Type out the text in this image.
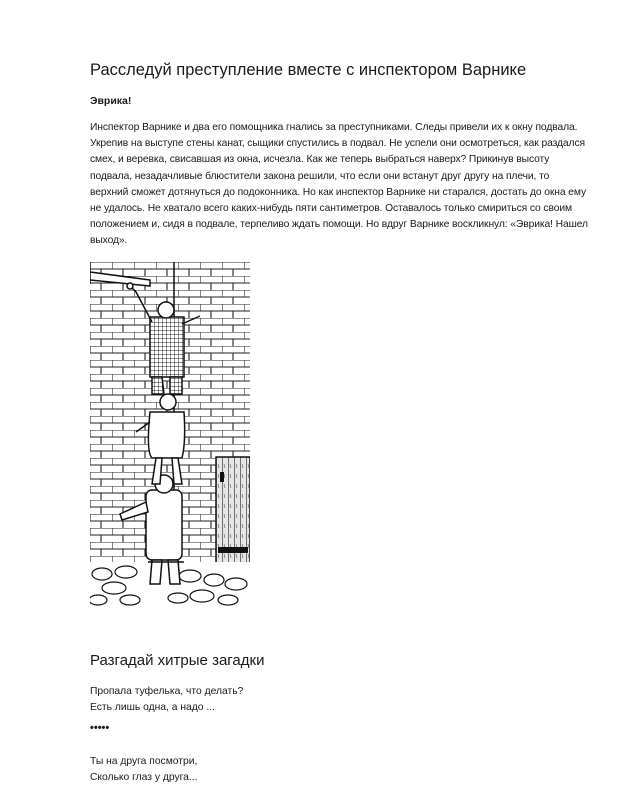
Расследуй преступление вместе с инспектором Варнике
Эврика!

Инспектор Варнике и два его помощника гнались за преступниками. Следы привели их к окну подвала. Укрепив на выступе стены канат, сыщики спустились в подвал. Не успели они осмотреться, как раздался смех, и веревка, свисавшая из окна, исчезла. Как же теперь выбраться наверх? Прикинув высоту подвала, незадачливые блюстители закона решили, что если они встанут друг другу на плечи, то верхний сможет дотянуться до подоконника. Но как инспектор Варнике ни старался, достать до окна ему не удалось. Не хватало всего каких-нибудь пяти сантиметров. Оставалось только смириться со своим положением и, сидя в подвале, терпеливо ждать помощи. Но вдруг Варнике воскликнул: «Эврика! Нашел выход».

Разгадай хитрые загадки

Пропала туфелька, что делать?

Есть лишь одна, а надо ...

•••••

Ты на друга посмотри,

Сколько глаз у друга...
